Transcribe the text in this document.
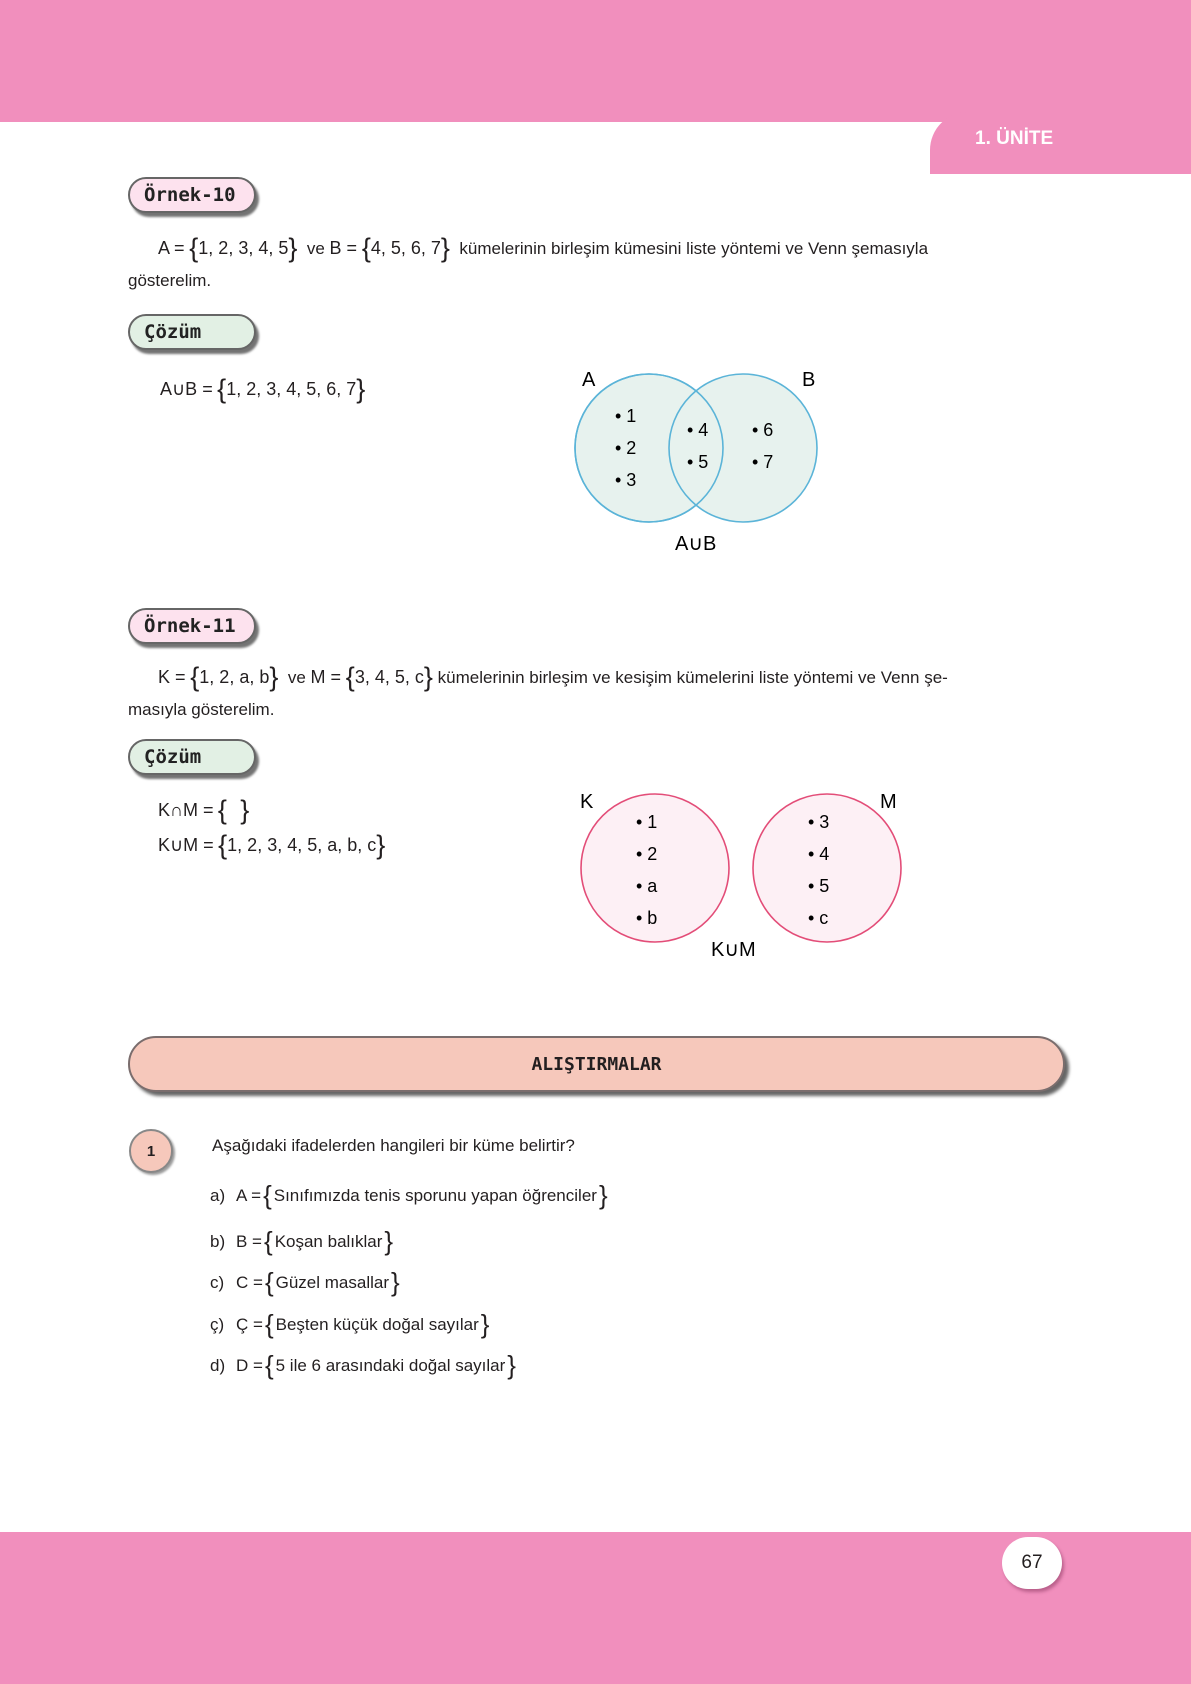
1. ÜNİTE
Örnek-10
A = {1, 2, 3, 4, 5} ve B = {4, 5, 6, 7} kümelerinin birleşim kümesini liste yöntemi ve Venn şemasıyla
gösterelim.
Çözüm
A∪B = {1, 2, 3, 4, 5, 6, 7}	A	B
• 1
• 2
• 3
• 4
• 5
• 6
• 7
A∪B
Örnek-11
K = {1, 2, a, b} ve M = {3, 4, 5, c} kümelerinin birleşim ve kesişim kümelerini liste yöntemi ve Venn şe-
masıyla gösterelim.
Çözüm
K∩M = { }
K∪M = {1, 2, 3, 4, 5, a, b, c}
K	M
• 1
• 2
• a
• b
• 3
• 4
• 5
• c
K∪M
ALIŞTIRMALAR
1	Aşağıdaki ifadelerden hangileri bir küme belirtir?
a) A = { Sınıfımızda tenis sporunu yapan öğrenciler }
b) B = { Koşan balıklar }
c) C = { Güzel masallar }
ç) Ç = { Beşten küçük doğal sayılar }
d) D = { 5 ile 6 arasındaki doğal sayılar }
67
